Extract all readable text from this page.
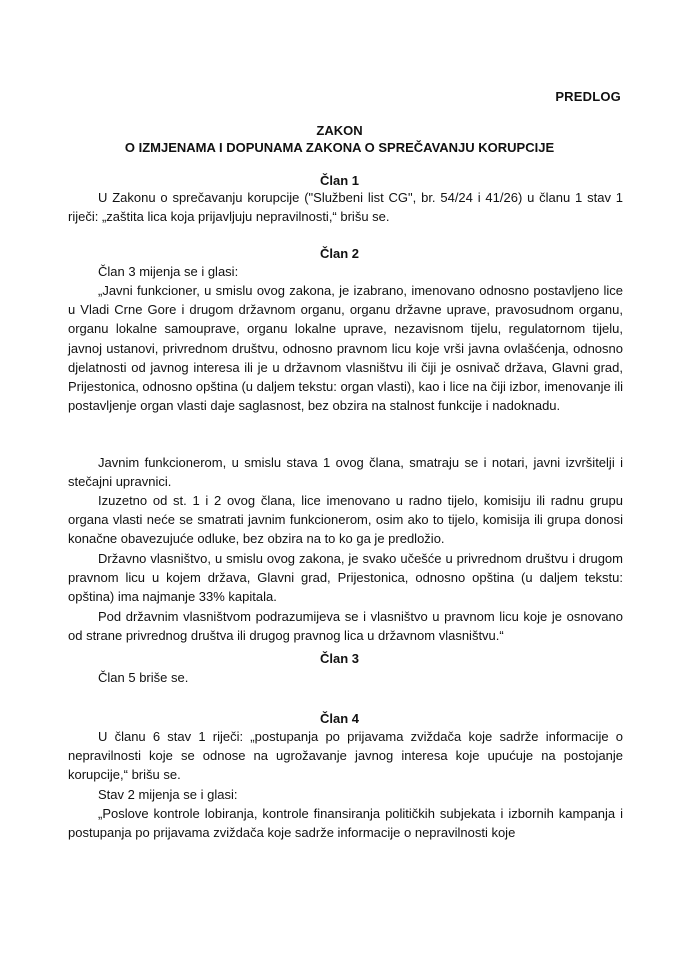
PREDLOG
ZAKON
O IZMJENAMA I DOPUNAMA ZAKONA O SPREČAVANJU KORUPCIJE
Član 1
U Zakonu o sprečavanju korupcije ("Službeni list CG", br. 54/24 i 41/26) u članu 1 stav 1 riječi: „zaštita lica koja prijavljuju nepravilnosti,“ brišu se.
Član 2
Član 3 mijenja se i glasi:
„Javni funkcioner, u smislu ovog zakona, je izabrano, imenovano odnosno postavljeno lice u Vladi Crne Gore i drugom državnom organu, organu državne uprave, pravosudnom organu, organu lokalne samouprave, organu lokalne uprave, nezavisnom tijelu, regulatornom tijelu, javnoj ustanovi, privrednom društvu, odnosno pravnom licu koje vrši javna ovlašćenja, odnosno djelatnosti od javnog interesa ili je u državnom vlasništvu ili čiji je osnivač država, Glavni grad, Prijestonica, odnosno opština (u daljem tekstu: organ vlasti), kao i lice na čiji izbor, imenovanje ili postavljenje organ vlasti daje saglasnost, bez obzira na stalnost funkcije i nadoknadu.
Javnim funkcionerom, u smislu stava 1 ovog člana, smatraju se i notari, javni izvršitelji i stečajni upravnici.
Izuzetno od st. 1 i 2 ovog člana, lice imenovano u radno tijelo, komisiju ili radnu grupu organa vlasti neće se smatrati javnim funkcionerom, osim ako to tijelo, komisija ili grupa donosi konačne obavezujuće odluke, bez obzira na to ko ga je predložio.
Državno vlasništvo, u smislu ovog zakona, je svako učešće u privrednom društvu i drugom pravnom licu u kojem država, Glavni grad, Prijestonica, odnosno opština (u daljem tekstu: opština) ima najmanje 33% kapitala.
Pod državnim vlasništvom podrazumijeva se i vlasništvo u pravnom licu koje je osnovano od strane privrednog društva ili drugog pravnog lica u državnom vlasništvu.“
Član 3
Član 5 briše se.
Član 4
U članu 6 stav 1 riječi: „postupanja po prijavama zviždača koje sadrže informacije o nepravilnosti koje se odnose na ugrožavanje javnog interesa koje upućuje na postojanje korupcije,“ brišu se.
Stav 2 mijenja se i glasi:
„Poslove kontrole lobiranja, kontrole finansiranja političkih subjekata i izbornih kampanja i postupanja po prijavama zviždača koje sadrže informacije o nepravilnosti koje
